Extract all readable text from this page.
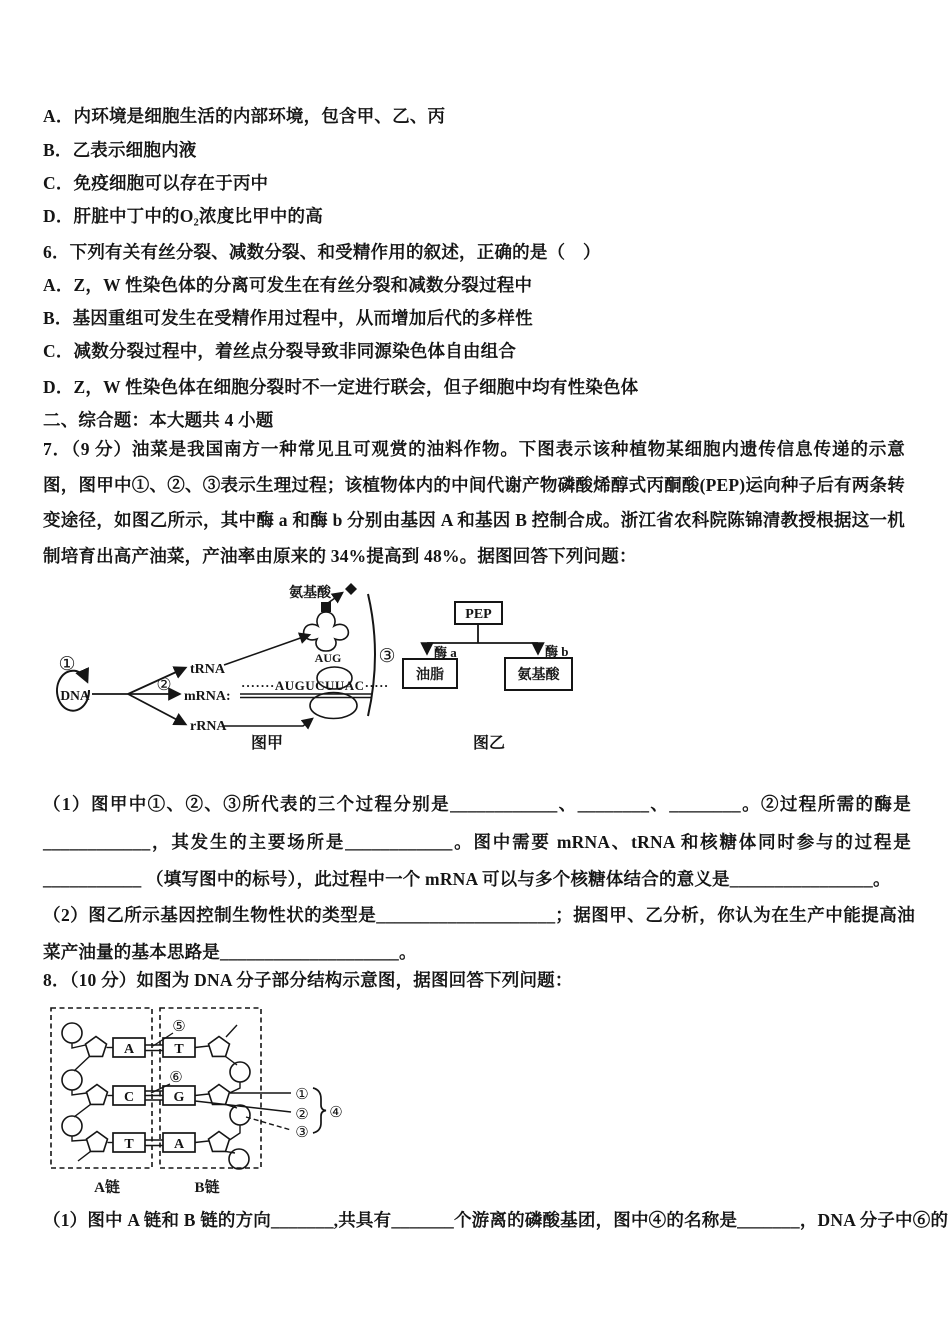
A．内环境是细胞生活的内部环境，包含甲、乙、丙
B．乙表示细胞内液
C．免疫细胞可以存在于丙中
D．肝脏中丁中的O₂浓度比甲中的高
6．下列有关有丝分裂、减数分裂、和受精作用的叙述，正确的是（　）
A．Z，W 性染色体的分离可发生在有丝分裂和减数分裂过程中
B．基因重组可发生在受精作用过程中，从而增加后代的多样性
C．减数分裂过程中，着丝点分裂导致非同源染色体自由组合
D．Z，W 性染色体在细胞分裂时不一定进行联会，但子细胞中均有性染色体
二、综合题：本大题共 4 小题
7．（9 分）油菜是我国南方一种常见且可观赏的油料作物。下图表示该种植物某细胞内遗传信息传递的示意图，图甲中①、②、③表示生理过程；该植物体内的中间代谢产物磷酸烯醇式丙酮酸(PEP)运向种子后有两条转变途径，如图乙所示，其中酶 a 和酶 b 分别由基因 A 和基因 B 控制合成。浙江省农科院陈锦清教授根据这一机制培育出高产油菜，产油率由原来的 34%提高到 48%。据图回答下列问题：
①
DNA
②
tRNA
mRNA:
rRNA
AUG
氨基酸
·······AUGUCUUAC·····
③
图甲
PEP
酶 a	酶 b
油脂	氨基酸
图乙
（1）图甲中①、②、③所代表的三个过程分别是____________、________、________。②过程所需的酶是____________，其发生的主要场所是____________。图中需要 mRNA、tRNA 和核糖体同时参与的过程是___________ （填写图中的标号），此过程中一个 mRNA 可以与多个核糖体结合的意义是________________。
（2）图乙所示基因控制生物性状的类型是____________________；据图甲、乙分析，你认为在生产中能提高油菜产油量的基本思路是____________________。
8．（10 分）如图为 DNA 分子部分结构示意图，据图回答下列问题：
A
C
T
T
G
A
⑤
⑥
①
②
③
④
A链	B链
（1）图中 A 链和 B 链的方向_______,共具有_______个游离的磷酸基团，图中④的名称是_______，DNA 分子中⑥的
